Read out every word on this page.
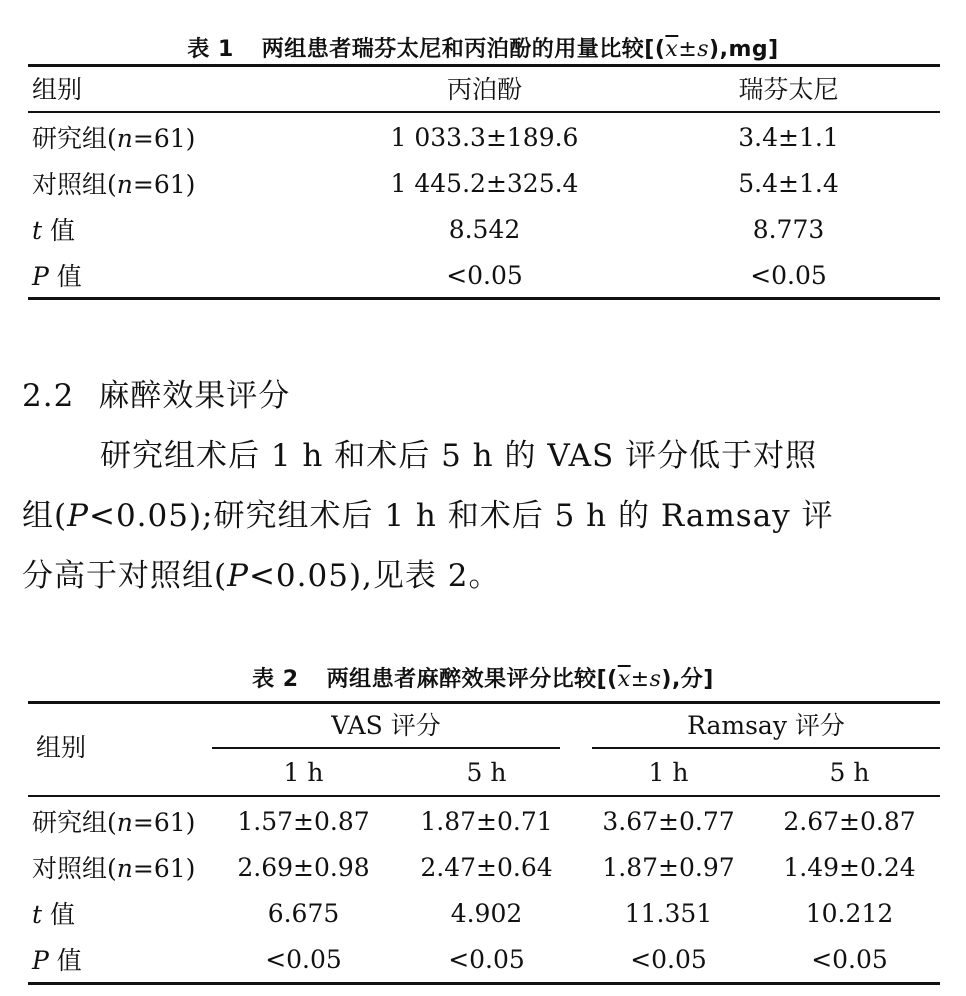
表 1 两组患者瑞芬太尼和丙泊酚的用量比较$[(\overline{x}\pm s),mg]$
组别	丙泊酚	瑞芬太尼
研究组(n=61)	1 033.3±189.6	3.4±1.1
对照组(n=61)	1 445.2±325.4	5.4±1.4
t 值	8.542	8.773
P 值	<0.05	<0.05
2.2 麻醉效果评分
研究组术后 1 h 和术后 5 h 的 VAS 评分低于对照
组(P<0.05);研究组术后 1 h 和术后 5 h 的 Ramsay 评
分高于对照组(P<0.05),见表 2。
表 2 两组患者麻醉效果评分比较[$(\overline{x}\pm s)$,分]
组别
VAS 评分	Ramsay 评分
1 h	5 h	1 h	5 h
研究组(n=61)	1.57±0.87	1.87±0.71	3.67±0.77	2.67±0.87
对照组(n=61)	2.69±0.98	2.47±0.64	1.87±0.97	1.49±0.24
t 值	6.675	4.902	11.351	10.212
P 值	<0.05	<0.05	<0.05	<0.05
